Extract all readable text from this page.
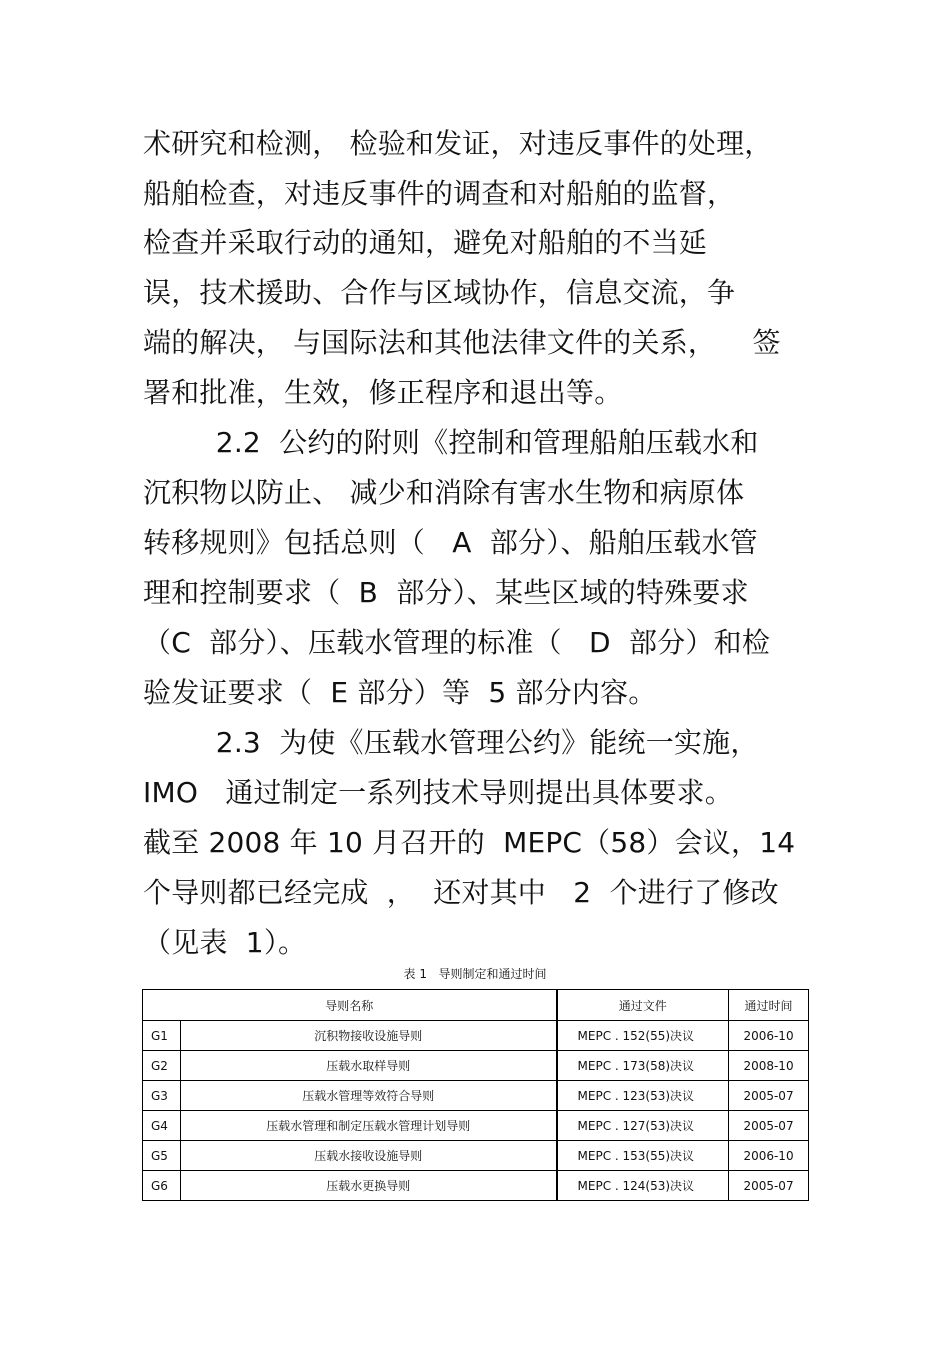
术研究和检测， 检验和发证，对违反事件的处理，
船舶检查，对违反事件的调查和对船舶的监督，
检查并采取行动的通知，避免对船舶的不当延
误，技术援助、合作与区域协作，信息交流，争
端的解决， 与国际法和其他法律文件的关系，    签
署和批准，生效，修正程序和退出等。
2.2  公约的附则《控制和管理船舶压载水和
沉积物以防止、 减少和消除有害水生物和病原体
转移规则》包括总则（   A  部分）、船舶压载水管
理和控制要求（  B  部分）、某些区域的特殊要求
（C  部分）、压载水管理的标准（   D  部分）和检
验发证要求（  E 部分）等  5 部分内容。
2.3  为使《压载水管理公约》能统一实施，
IMO   通过制定一系列技术导则提出具体要求。
截至 2008 年 10 月召开的  MEPC（58）会议，14
个导则都已经完成  ，  还对其中   2  个进行了修改
（见表  1）。
表 1   导则制定和通过时间
导则名称		通过文件	通过时间
G1	沉积物接收设施导则	MEPC . 152(55)决议	2006-10
G2	压载水取样导则	MEPC . 173(58)决议	2008-10
G3	压载水管理等效符合导则	MEPC . 123(53)决议	2005-07
G4	压载水管理和制定压载水管理计划导则	MEPC . 127(53)决议	2005-07
G5	压载水接收设施导则	MEPC . 153(55)决议	2006-10
G6	压载水更换导则	MEPC . 124(53)决议	2005-07
